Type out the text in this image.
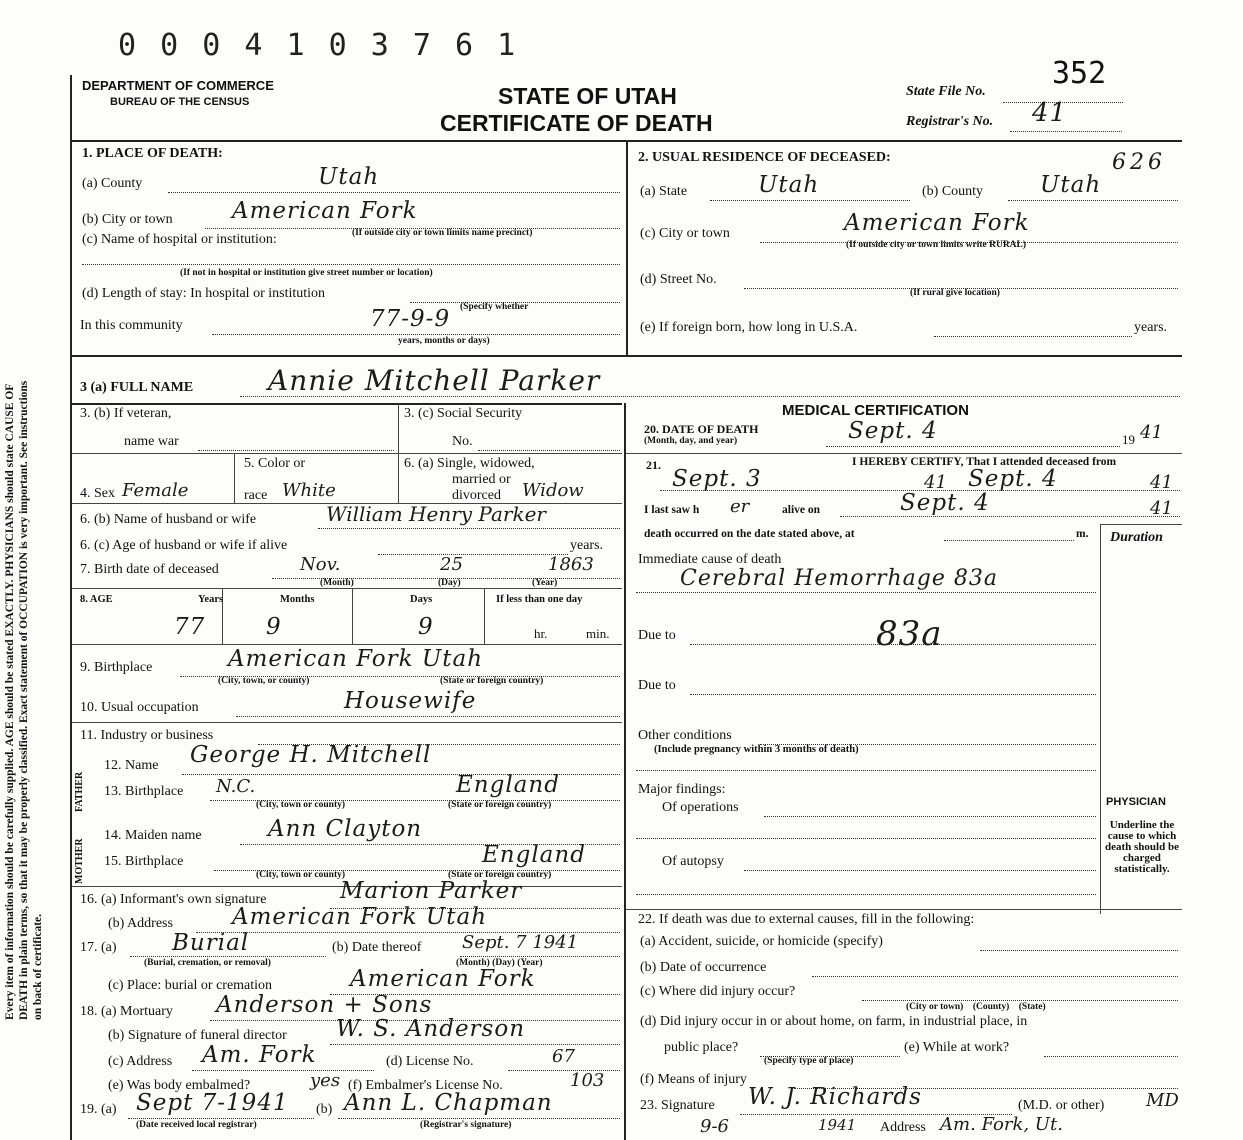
0 0 0 4 1 0 3 7 6 1
DEPARTMENT OF COMMERCE
BUREAU OF THE CENSUS	STATE OF UTAH
CERTIFICATE OF DEATH
State File No.
352
Registrar's No. 41
626
Every item of information should be carefully supplied. AGE should be stated EXACTLY. PHYSICIANS should state CAUSE OF DEATH in plain terms, so that it may be properly classified. Exact statement of OCCUPATION is very important. See instructions on back of certificate.
1. PLACE OF DEATH:
(a) County	Utah
(b) City or town	American Fork
(c) Name of hospital or institution:	(If outside city or town limits name precinct)
(If not in hospital or institution give street number or location)
(d) Length of stay: In hospital or institution
(Specify whether
In this community	77-9-9
years, months or days)
3 (a) FULL NAME	Annie Mitchell Parker
3. (b) If veteran,
name war
3. (c) Social Security
No.
4. Sex Female
5. Color or
race White
6. (a) Single, widowed,
married or
divorced Widow
6. (b) Name of husband or wife	William Henry Parker
6. (c) Age of husband or wife if alive	years.
7. Birth date of deceased	Nov.	25	1863
(Month)	(Day)	(Year)
8. AGE	Years	Months	Days	If less than one day
77	9	9	hr.	min.
9. Birthplace	American Fork Utah
(City, town, or county)	(State or foreign country)
10. Usual occupation	Housewife
11. Industry or business
FATHER
MOTHER
12. Name George H. Mitchell
13. Birthplace N.C.	England
(City, town or county)	(State or foreign country)
14. Maiden name	Ann Clayton
15. Birthplace	England
(City, town or county)	(State or foreign country)
16. (a) Informant's own signature	Marion Parker
(b) Address	American Fork Utah
17. (a) Burial	(b) Date thereof Sept. 7 1941
(Burial, cremation, or removal)	(Month) (Day) (Year)
(c) Place: burial or cremation	American Fork
18. (a) Mortuary Anderson + Sons
(b) Signature of funeral director W. S. Anderson
(c) Address Am. Fork	(d) License No.	67
(e) Was body embalmed?	yes (f) Embalmer's License No.	103
19. (a) Sept 7-1941 (b) Ann L. Chapman
(Date received local registrar)	(Registrar's signature)
2. USUAL RESIDENCE OF DECEASED:
(a) State	Utah	(b) County Utah
(c) City or town	American Fork
(If outside city or town limits write RURAL)
(d) Street No.
(If rural give location)
(e) If foreign born, how long in U.S.A.	years.
MEDICAL CERTIFICATION
20. DATE OF DEATH
(Month, day, and year)	Sept. 4	19 41
21.	I HEREBY CERTIFY, That I attended deceased from
Sept. 3	41 Sept. 4	41
I last saw h er	alive on	Sept. 4	41
death occurred on the date stated above, at	m. Duration
Immediate cause of death
Cerebral Hemorrhage 83a
Due to	83a
Due to
Other conditions
(Include pregnancy within 3 months of death)
Major findings:
Of operations
Of autopsy
PHYSICIAN
Underline the cause to which death should be charged statistically.
22. If death was due to external causes, fill in the following:
(a) Accident, suicide, or homicide (specify)
(b) Date of occurrence
(c) Where did injury occur?
(City or town)    (County)    (State)
(d) Did injury occur in or about home, on farm, in industrial place, in
public place?
(Specify type of place)
(e) While at work?
(f) Means of injury
23. Signature W. J. Richards	(M.D. or other) MD
9-6	1941 Address Am. Fork, Ut.
